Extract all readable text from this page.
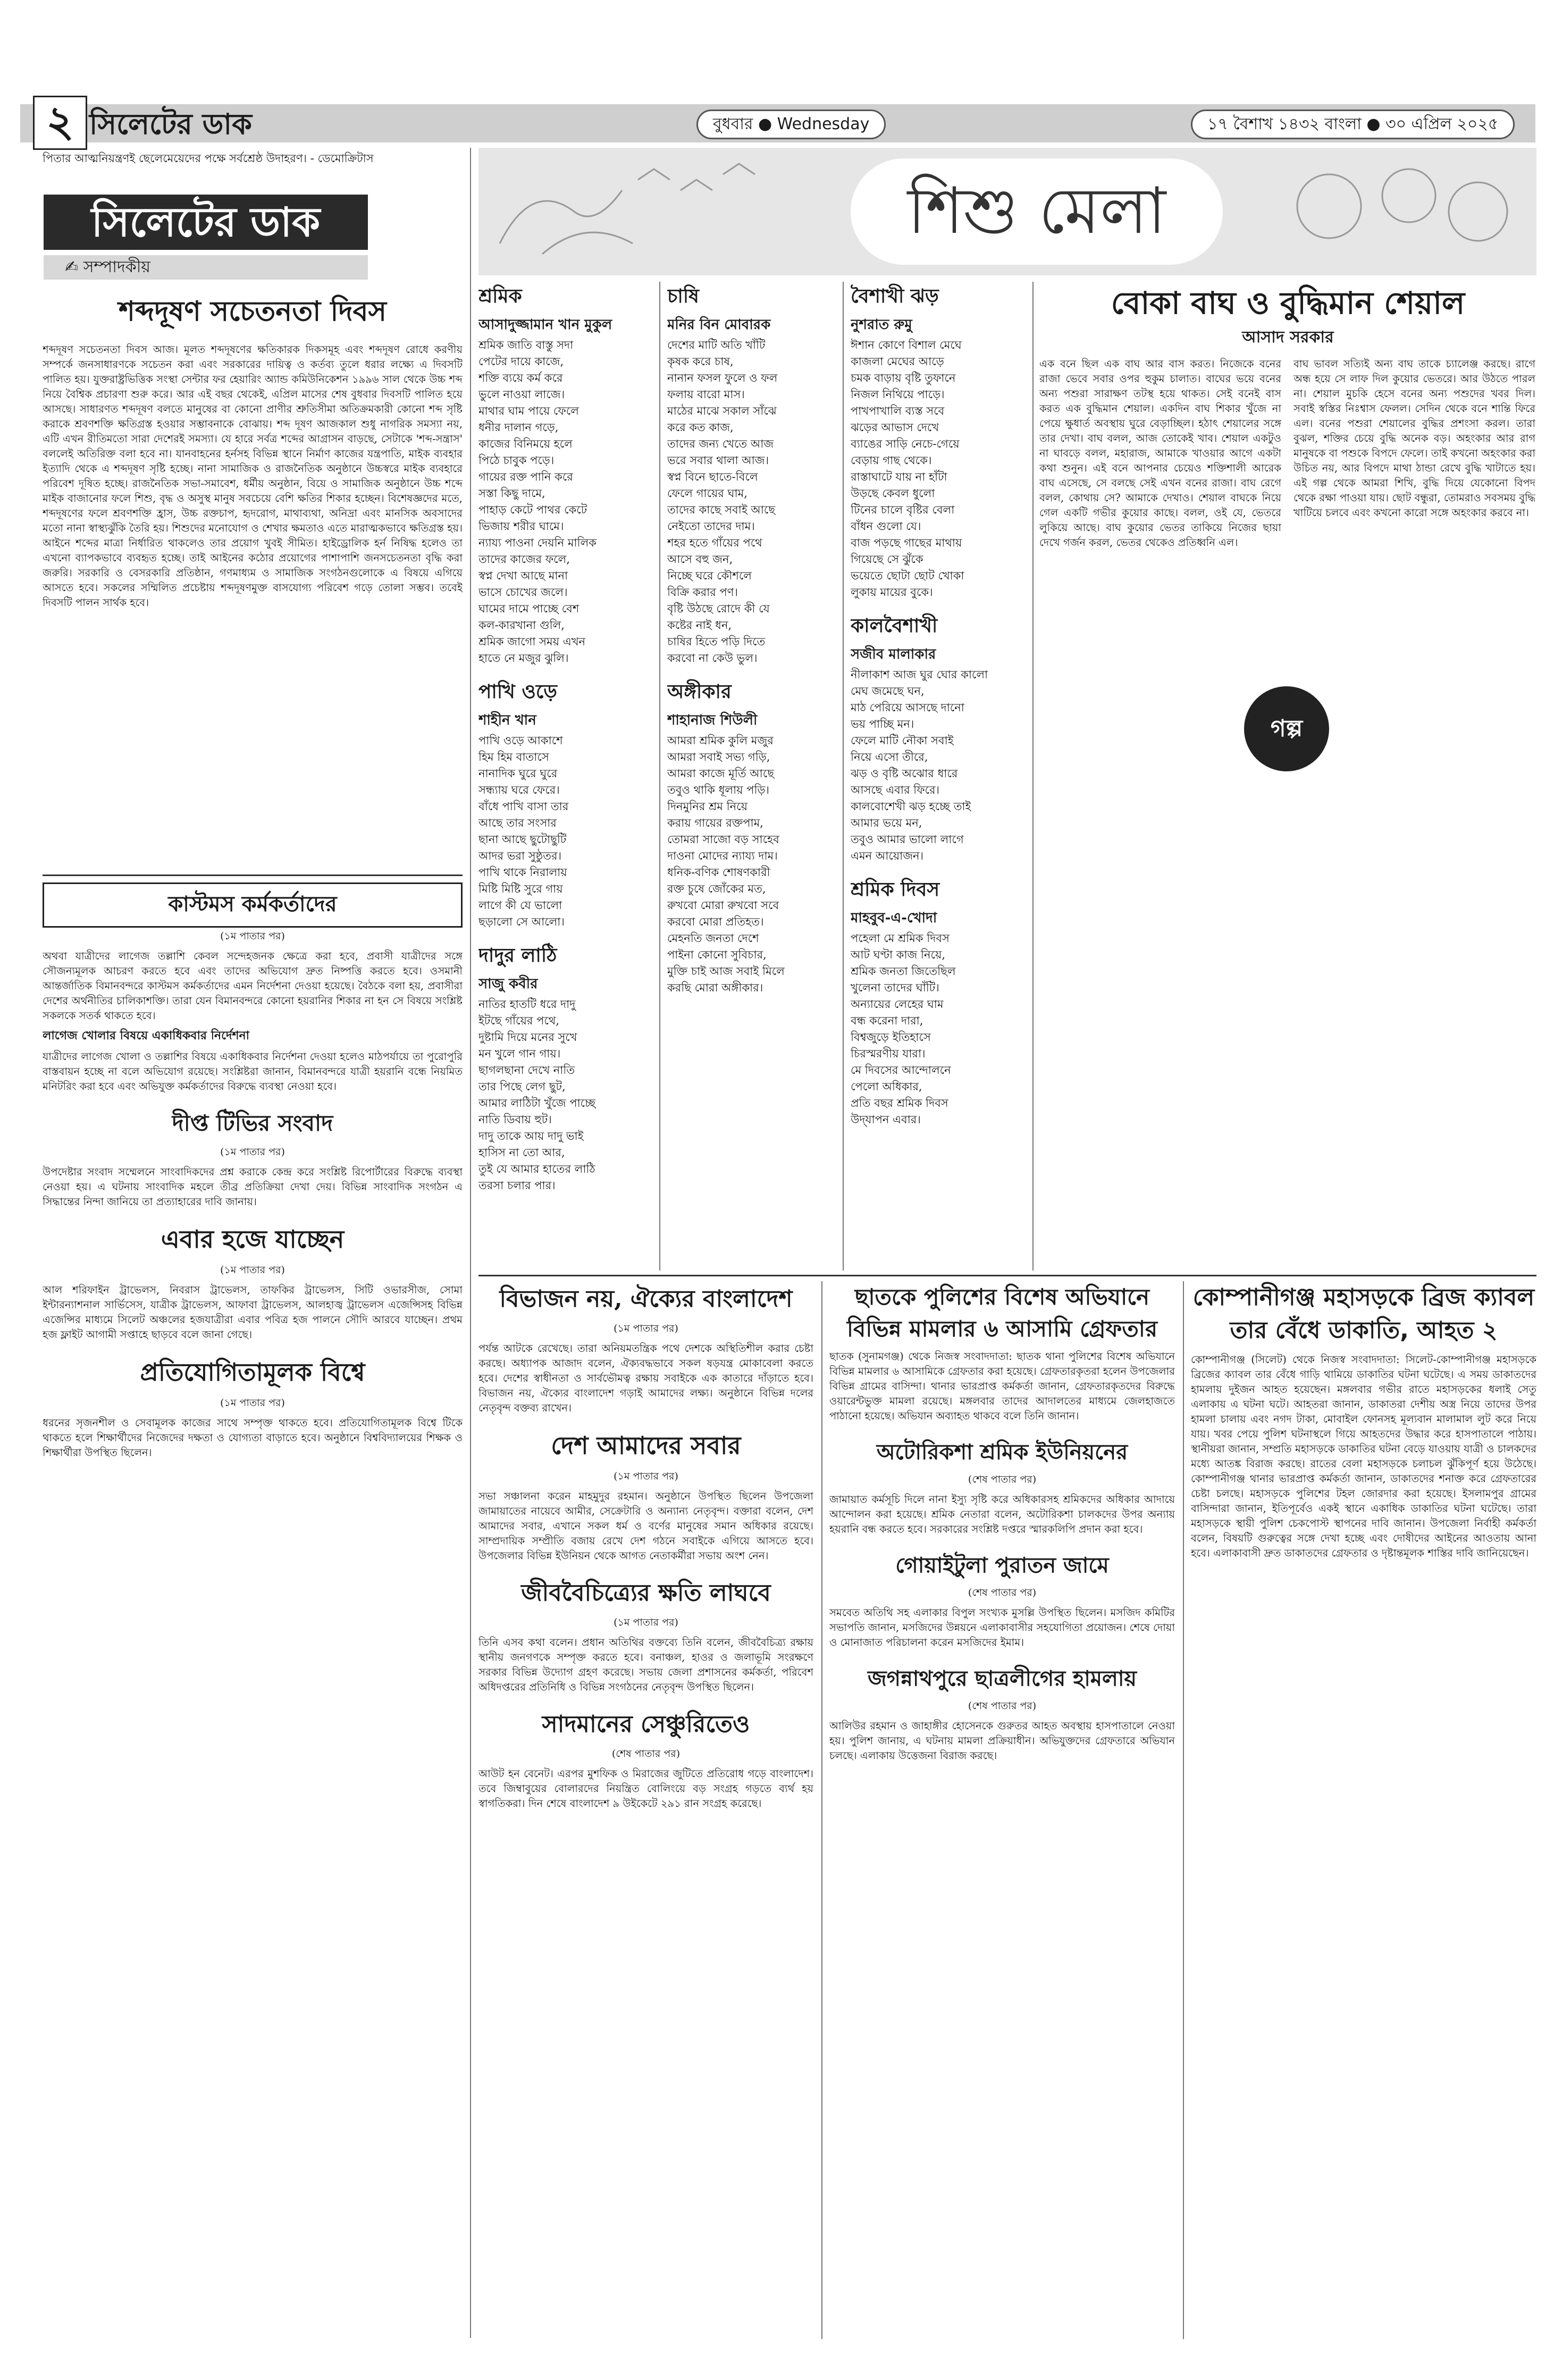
২ সিলেটের ডাক	বুধবার ● Wednesday	১৭ বৈশাখ ১৪৩২ বাংলা ● ৩০ এপ্রিল ২০২৫
পিতার আত্মনিয়ন্ত্রণই ছেলেমেয়েদের পক্ষে সর্বশ্রেষ্ঠ উদাহরণ। - ডেমোক্রিটাস
সিলেটের ডাক
✍ সম্পাদকীয়
শব্দদূষণ সচেতনতা দিবস
শব্দদূষণ সচেতনতা দিবস আজ। মূলত শব্দদূষণের ক্ষতিকারক দিকসমূহ এবং শব্দদূষণ রোধে করণীয় সম্পর্কে জনসাধারণকে সচেতন করা এবং সরকারের দায়িত্ব ও কর্তব্য তুলে ধরার লক্ষ্যে এ দিবসটি পালিত হয়। যুক্তরাষ্ট্রভিত্তিক সংস্থা সেন্টার ফর হেয়ারিং অ্যান্ড কমিউনিকেশন ১৯৯৬ সাল থেকে উচ্চ শব্দ নিয়ে বৈশ্বিক প্রচারণা শুরু করে। আর এই বছর থেকেই, এপ্রিল মাসের শেষ বুধবার দিবসটি পালিত হয়ে আসছে। সাধারণত শব্দদূষণ বলতে মানুষের বা কোনো প্রাণীর শ্রুতিসীমা অতিক্রমকারী কোনো শব্দ সৃষ্টি করাকে শ্রবণশক্তি ক্ষতিগ্রস্ত হওয়ার সম্ভাবনাকে বোঝায়। শব্দ দূষণ আজকাল শুধু নাগরিক সমস্যা নয়, এটি এখন রীতিমতো সারা দেশেরই সমস্যা। যে হারে সর্বত্র শব্দের আগ্রাসন বাড়ছে, সেটাকে 'শব্দ-সন্ত্রাস' বললেই অতিরিক্ত বলা হবে না। যানবাহনের হর্নসহ বিভিন্ন স্থানে নির্মাণ কাজের যন্ত্রপাতি, মাইক ব্যবহার ইত্যাদি থেকে এ শব্দদূষণ সৃষ্টি হচ্ছে। নানা সামাজিক ও রাজনৈতিক অনুষ্ঠানে উচ্চস্বরে মাইক ব্যবহারে পরিবেশ দূষিত হচ্ছে। রাজনৈতিক সভা-সমাবেশ, ধর্মীয় অনুষ্ঠান, বিয়ে ও সামাজিক অনুষ্ঠানে উচ্চ শব্দে মাইক বাজানোর ফলে শিশু, বৃদ্ধ ও অসুস্থ মানুষ সবচেয়ে বেশি ক্ষতির শিকার হচ্ছেন। বিশেষজ্ঞদের মতে, শব্দদূষণের ফলে শ্রবণশক্তি হ্রাস, উচ্চ রক্তচাপ, হৃদরোগ, মাথাব্যথা, অনিদ্রা এবং মানসিক অবসাদের মতো নানা স্বাস্থ্যঝুঁকি তৈরি হয়। শিশুদের মনোযোগ ও শেখার ক্ষমতাও এতে মারাত্মকভাবে ক্ষতিগ্রস্ত হয়। আইনে শব্দের মাত্রা নির্ধারিত থাকলেও তার প্রয়োগ খুবই সীমিত। হাইড্রোলিক হর্ন নিষিদ্ধ হলেও তা এখনো ব্যাপকভাবে ব্যবহৃত হচ্ছে। তাই আইনের কঠোর প্রয়োগের পাশাপাশি জনসচেতনতা বৃদ্ধি করা জরুরি। সরকারি ও বেসরকারি প্রতিষ্ঠান, গণমাধ্যম ও সামাজিক সংগঠনগুলোকে এ বিষয়ে এগিয়ে আসতে হবে। সকলের সম্মিলিত প্রচেষ্টায় শব্দদূষণমুক্ত বাসযোগ্য পরিবেশ গড়ে তোলা সম্ভব। তবেই দিবসটি পালন সার্থক হবে।
কাস্টমস কর্মকর্তাদের
(১ম পাতার পর)
অথবা যাত্রীদের লাগেজ তল্লাশি কেবল সন্দেহজনক ক্ষেত্রে করা হবে, প্রবাসী যাত্রীদের সঙ্গে সৌজন্যমূলক আচরণ করতে হবে এবং তাদের অভিযোগ দ্রুত নিষ্পত্তি করতে হবে। ওসমানী আন্তর্জাতিক বিমানবন্দরে কাস্টমস কর্মকর্তাদের এমন নির্দেশনা দেওয়া হয়েছে। বৈঠকে বলা হয়, প্রবাসীরা দেশের অর্থনীতির চালিকাশক্তি। তারা যেন বিমানবন্দরে কোনো হয়রানির শিকার না হন সে বিষয়ে সংশ্লিষ্ট সকলকে সতর্ক থাকতে হবে।
লাগেজ খোলার বিষয়ে একাধিকবার নির্দেশনা
যাত্রীদের লাগেজ খোলা ও তল্লাশির বিষয়ে একাধিকবার নির্দেশনা দেওয়া হলেও মাঠপর্যায়ে তা পুরোপুরি বাস্তবায়ন হচ্ছে না বলে অভিযোগ রয়েছে। সংশ্লিষ্টরা জানান, বিমানবন্দরে যাত্রী হয়রানি বন্ধে নিয়মিত মনিটরিং করা হবে এবং অভিযুক্ত কর্মকর্তাদের বিরুদ্ধে ব্যবস্থা নেওয়া হবে।
দীপ্ত টিভির সংবাদ
(১ম পাতার পর)
উপদেষ্টার সংবাদ সম্মেলনে সাংবাদিকদের প্রশ্ন করাকে কেন্দ্র করে সংশ্লিষ্ট রিপোর্টারের বিরুদ্ধে ব্যবস্থা নেওয়া হয়। এ ঘটনায় সাংবাদিক মহলে তীব্র প্রতিক্রিয়া দেখা দেয়। বিভিন্ন সাংবাদিক সংগঠন এ সিদ্ধান্তের নিন্দা জানিয়ে তা প্রত্যাহারের দাবি জানায়।
এবার হজে যাচ্ছেন
(১ম পাতার পর)
আল শরিফাইন ট্রাভেলস, নিবরাস ট্রাভেলস, তাফকির ট্রাভেলস, সিটি ওভারসীজ, সোমা ইন্টারন্যাশনাল সার্ভিসেস, যাত্রীক ট্রাভেলস, আফাবা ট্রাভেলস, আলহাজ্ব ট্রাভেলস এজেন্সিসহ বিভিন্ন এজেন্সির মাধ্যমে সিলেট অঞ্চলের হজযাত্রীরা এবার পবিত্র হজ পালনে সৌদি আরবে যাচ্ছেন। প্রথম হজ ফ্লাইট আগামী সপ্তাহে ছাড়বে বলে জানা গেছে।
প্রতিযোগিতামূলক বিশ্বে
(১ম পাতার পর)
ধরনের সৃজনশীল ও সেবামূলক কাজের সাথে সম্পৃক্ত থাকতে হবে। প্রতিযোগিতামূলক বিশ্বে টিকে থাকতে হলে শিক্ষার্থীদের নিজেদের দক্ষতা ও যোগ্যতা বাড়াতে হবে। অনুষ্ঠানে বিশ্ববিদ্যালয়ের শিক্ষক ও শিক্ষার্থীরা উপস্থিত ছিলেন।
শিশু মেলা
শ্রমিক
আসাদুজ্জামান খান মুকুল
শ্রমিক জাতি বাস্তু সদা
পেটের দায়ে কাজে,
শক্তি ব্যয়ে কর্ম করে
ভুলে নাওয়া লাজে।
মাথার ঘাম পায়ে ফেলে
ধনীর দালান গড়ে,
কাজের বিনিময়ে হলে
পিঠে চাবুক পড়ে।
গায়ের রক্ত পানি করে
সস্তা কিছু দামে,
পাহাড় কেটে পাথর কেটে
ভিজায় শরীর ঘামে।
ন্যায্য পাওনা দেয়নি মালিক
তাদের কাজের ফলে,
স্বপ্ন দেখা আছে মানা
ভাসে চোখের জলে।
ঘামের দামে পাচ্ছে বেশ
কল-কারখানা গুলি,
শ্রমিক জাগো সময় এখন
হাতে নে মজুর ঝুলি।
পাখি ওড়ে
শাহীন খান
পাখি ওড়ে আকাশে
হিম হিম বাতাসে
নানাদিক ঘুরে ঘুরে
সন্ধ্যায় ঘরে ফেরে।
বাঁধে পাখি বাসা তার
আছে তার সংসার
ছানা আছে ছুটোছুটি
আদর ভরা সুষ্ঠুতর।
পাখি থাকে নিরালায়
মিষ্টি মিষ্টি সুরে গায়
লাগে কী যে ভালো
ছড়ালো সে আলো।
দাদুর লাঠি
সাজু কবীর
নাতির হাতটি ধরে দাদু
ইটছে গাঁয়ের পথে,
দুষ্টামি দিয়ে মনের সুখে
মন খুলে গান গায়।
ছাগলছানা দেখে নাতি
তার পিছে লেগ ছুট,
আমার লাঠিটা খুঁজে পাচ্ছে
নাতি ডিবায় হুট।
দাদু তাকে আয় দাদু ভাই
হাসিস না তো আর,
তুই যে আমার হাতের লাঠি
তরসা চলার পার।
চাষি
মনির বিন মোবারক
দেশের মাটি অতি খাঁটি
কৃষক করে চাষ,
নানান ফসল ফুলে ও ফল
ফলায় বারো মাস।
মাঠের মাঝে সকাল সাঁঝে
করে কত কাজ,
তাদের জন্য খেতে আজ
ভরে সবার থালা আজ।
স্বপ্ন বিনে ছাতে-বিলে
ফেলে গায়ের ঘাম,
তাদের কাছে সবাই আছে
নেইতো তাদের দাম।
শহর হতে গাঁয়ের পথে
আসে বহু জন,
নিচ্ছে ঘরে কৌশলে
বিক্রি করার পণ।
বৃষ্টি উঠছে রোদে কী যে
কষ্টের নাই ধন,
চাষির হিতে পড়ি দিতে
করবো না কেউ ভুল।
অঙ্গীকার
শাহানাজ শিউলী
আমরা শ্রমিক কুলি মজুর
আমরা সবাই সভ্য গড়ি,
আমরা কাজে মূর্তি আছে
তবুও থাকি ধূলায় পড়ি।
দিনমুনির শ্রম নিয়ে
করায় গায়ের রক্তপাম,
তোমরা সাজো বড় সাহেব
দাওনা মোদের ন্যায্য দাম।
ধনিক-বণিক শোষণকারী
রক্ত চুষে জোঁকের মত,
রুখবো মোরা রুখবো সবে
করবো মোরা প্রতিহত।
মেহনতি জনতা দেশে
পাইনা কোনো সুবিচার,
মুক্তি চাই আজ সবাই মিলে
করছি মোরা অঙ্গীকার।
বৈশাখী ঝড়
নুশরাত রুমু
ঈশান কোণে বিশাল মেঘে
কাজলা মেঘের আড়ে
চমক বাড়ায় বৃষ্টি তুফানে
নিজল নিথিয়ে পাড়ে।
পাখপাখালি ব্যস্ত সবে
ঝড়ের আভাস দেখে
ব্যাঙের সাড়ি নেচে-গেয়ে
বেড়ায় গাছ থেকে।
রাস্তাঘাটে যায় না হাঁটা
উড়ছে কেবল ধুলো
টিনের চালে বৃষ্টির বেলা
বাঁধন গুলো যে।
বাজ পড়ছে গাছের মাথায়
গিয়েছে সে ঝুঁকে
ভয়েতে ছোটা ছোট খোকা
লুকায় মায়ের বুকে।
কালবৈশাখী
সজীব মালাকার
নীলাকাশ আজ ঘুর ঘোর কালো
মেঘ জমেছে ঘন,
মাঠ পেরিয়ে আসছে দানো
ভয় পাচ্ছি মন।
ফেলে মাটি নৌকা সবাই
নিয়ে এসো তীরে,
ঝড় ও বৃষ্টি অঝোর ধারে
আসছে এবার ফিরে।
কালবোশেখী ঝড় হচ্ছে তাই
আমার ভয়ে মন,
তবুও আমার ভালো লাগে
এমন আয়োজন।
শ্রমিক দিবস
মাহবুব-এ-খোদা
পহেলা মে শ্রমিক দিবস
আট ঘণ্টা কাজ নিয়ে,
শ্রমিক জনতা জিতেছিল
খুলেনা তাদের ঘাঁটি।
অন্যায়ের লেহের ঘাম
বন্ধ করেনা দারা,
বিশ্বজুড়ে ইতিহাসে
চিরস্মরণীয় যারা।
মে দিবসের আন্দোলনে
পেলো অধিকার,
প্রতি বছর শ্রমিক দিবস
উদ্‌যাপন এবার।
বোকা বাঘ ও বুদ্ধিমান শেয়াল
আসাদ সরকার
এক বনে ছিল এক বাঘ আর বাস করত। নিজেকে বনের রাজা ভেবে সবার ওপর হুকুম চালাত। বাঘের ভয়ে বনের অন্য পশুরা সারাক্ষণ তটস্থ হয়ে থাকত। সেই বনেই বাস করত এক বুদ্ধিমান শেয়াল। একদিন বাঘ শিকার খুঁজে না পেয়ে ক্ষুধার্ত অবস্থায় ঘুরে বেড়াচ্ছিল। হঠাৎ শেয়ালের সঙ্গে তার দেখা। বাঘ বলল, আজ তোকেই খাব। শেয়াল একটুও না ঘাবড়ে বলল, মহারাজ, আমাকে খাওয়ার আগে একটা কথা শুনুন। এই বনে আপনার চেয়েও শক্তিশালী আরেক বাঘ এসেছে, সে বলছে সেই এখন বনের রাজা। বাঘ রেগে বলল, কোথায় সে? আমাকে দেখাও। শেয়াল বাঘকে নিয়ে গেল একটি গভীর কুয়োর কাছে। বলল, ওই যে, ভেতরে লুকিয়ে আছে। বাঘ কুয়োর ভেতর তাকিয়ে নিজের ছায়া দেখে গর্জন করল, ভেতর থেকেও প্রতিধ্বনি এল।
বাঘ ভাবল সত্যিই অন্য বাঘ তাকে চ্যালেঞ্জ করছে। রাগে অন্ধ হয়ে সে লাফ দিল কুয়োর ভেতরে। আর উঠতে পারল না। শেয়াল মুচকি হেসে বনের অন্য পশুদের খবর দিল। সবাই স্বস্তির নিঃশ্বাস ফেলল। সেদিন থেকে বনে শান্তি ফিরে এল। বনের পশুরা শেয়ালের বুদ্ধির প্রশংসা করল। তারা বুঝল, শক্তির চেয়ে বুদ্ধি অনেক বড়। অহংকার আর রাগ মানুষকে বা পশুকে বিপদে ফেলে। তাই কখনো অহংকার করা উচিত নয়, আর বিপদে মাথা ঠান্ডা রেখে বুদ্ধি খাটাতে হয়। এই গল্প থেকে আমরা শিখি, বুদ্ধি দিয়ে যেকোনো বিপদ থেকে রক্ষা পাওয়া যায়। ছোট বন্ধুরা, তোমরাও সবসময় বুদ্ধি খাটিয়ে চলবে এবং কখনো কারো সঙ্গে অহংকার করবে না।
গল্প
বিভাজন নয়, ঐক্যের বাংলাদেশ
(১ম পাতার পর)
পর্যন্ত আটকে রেখেছে। তারা অনিয়মতন্ত্রিক পথে দেশকে অস্থিতিশীল করার চেষ্টা করছে। অধ্যাপক আজাদ বলেন, ঐক্যবদ্ধভাবে সকল ষড়যন্ত্র মোকাবেলা করতে হবে। দেশের স্বাধীনতা ও সার্বভৌমত্ব রক্ষায় সবাইকে এক কাতারে দাঁড়াতে হবে। বিভাজন নয়, ঐক্যের বাংলাদেশ গড়াই আমাদের লক্ষ্য। অনুষ্ঠানে বিভিন্ন দলের নেতৃবৃন্দ বক্তব্য রাখেন।
দেশ আমাদের সবার
(১ম পাতার পর)
সভা সঞ্চালনা করেন মাহমুদুর রহমান। অনুষ্ঠানে উপস্থিত ছিলেন উপজেলা জামায়াতের নায়েবে আমীর, সেক্রেটারি ও অন্যান্য নেতৃবৃন্দ। বক্তারা বলেন, দেশ আমাদের সবার, এখানে সকল ধর্ম ও বর্ণের মানুষের সমান অধিকার রয়েছে। সাম্প্রদায়িক সম্প্রীতি বজায় রেখে দেশ গঠনে সবাইকে এগিয়ে আসতে হবে। উপজেলার বিভিন্ন ইউনিয়ন থেকে আগত নেতাকর্মীরা সভায় অংশ নেন।
জীববৈচিত্র্যের ক্ষতি লাঘবে
(১ম পাতার পর)
তিনি এসব কথা বলেন। প্রধান অতিথির বক্তব্যে তিনি বলেন, জীববৈচিত্র্য রক্ষায় স্থানীয় জনগণকে সম্পৃক্ত করতে হবে। বনাঞ্চল, হাওর ও জলাভূমি সংরক্ষণে সরকার বিভিন্ন উদ্যোগ গ্রহণ করেছে। সভায় জেলা প্রশাসনের কর্মকর্তা, পরিবেশ অধিদপ্তরের প্রতিনিধি ও বিভিন্ন সংগঠনের নেতৃবৃন্দ উপস্থিত ছিলেন।
সাদমানের সেঞ্চুরিতেও
(শেষ পাতার পর)
আউট হন বেনেট। এরপর মুশফিক ও মিরাজের জুটিতে প্রতিরোধ গড়ে বাংলাদেশ। তবে জিম্বাবুয়ের বোলারদের নিয়ন্ত্রিত বোলিংয়ে বড় সংগ্রহ গড়তে ব্যর্থ হয় স্বাগতিকরা। দিন শেষে বাংলাদেশ ৯ উইকেটে ২৯১ রান সংগ্রহ করেছে।
ছাতকে পুলিশের বিশেষ অভিযানে বিভিন্ন মামলার ৬ আসামি গ্রেফতার
ছাতক (সুনামগঞ্জ) থেকে নিজস্ব সংবাদদাতা: ছাতক থানা পুলিশের বিশেষ অভিযানে বিভিন্ন মামলার ৬ আসামিকে গ্রেফতার করা হয়েছে। গ্রেফতারকৃতরা হলেন উপজেলার বিভিন্ন গ্রামের বাসিন্দা। থানার ভারপ্রাপ্ত কর্মকর্তা জানান, গ্রেফতারকৃতদের বিরুদ্ধে ওয়ারেন্টভুক্ত মামলা রয়েছে। মঙ্গলবার তাদের আদালতের মাধ্যমে জেলহাজতে পাঠানো হয়েছে। অভিযান অব্যাহত থাকবে বলে তিনি জানান।
অটোরিকশা শ্রমিক ইউনিয়নের
(শেষ পাতার পর)
জামায়াত কর্মসূচি দিলে নানা ইস্যু সৃষ্টি করে অধিকারসহ শ্রমিকদের অধিকার আদায়ে আন্দোলন করা হয়েছে। শ্রমিক নেতারা বলেন, অটোরিকশা চালকদের উপর অন্যায় হয়রানি বন্ধ করতে হবে। সরকারের সংশ্লিষ্ট দপ্তরে স্মারকলিপি প্রদান করা হবে।
গোয়াইটুলা পুরাতন জামে
(শেষ পাতার পর)
সমবেত অতিথি সহ এলাকার বিপুল সংখ্যক মুসল্লি উপস্থিত ছিলেন। মসজিদ কমিটির সভাপতি জানান, মসজিদের উন্নয়নে এলাকাবাসীর সহযোগিতা প্রয়োজন। শেষে দোয়া ও মোনাজাত পরিচালনা করেন মসজিদের ইমাম।
জগন্নাথপুরে ছাত্রলীগের হামলায়
(শেষ পাতার পর)
আলিউর রহমান ও জাহাঙ্গীর হোসেনকে গুরুতর আহত অবস্থায় হাসপাতালে নেওয়া হয়। পুলিশ জানায়, এ ঘটনায় মামলা প্রক্রিয়াধীন। অভিযুক্তদের গ্রেফতারে অভিযান চলছে। এলাকায় উত্তেজনা বিরাজ করছে।
কোম্পানীগঞ্জ মহাসড়কে ব্রিজ ক্যাবল তার বেঁধে ডাকাতি, আহত ২
কোম্পানীগঞ্জ (সিলেট) থেকে নিজস্ব সংবাদদাতা: সিলেট-কোম্পানীগঞ্জ মহাসড়কে ব্রিজের ক্যাবল তার বেঁধে গাড়ি থামিয়ে ডাকাতির ঘটনা ঘটেছে। এ সময় ডাকাতদের হামলায় দুইজন আহত হয়েছেন। মঙ্গলবার গভীর রাতে মহাসড়কের ধলাই সেতু এলাকায় এ ঘটনা ঘটে। আহতরা জানান, ডাকাতরা দেশীয় অস্ত্র নিয়ে তাদের উপর হামলা চালায় এবং নগদ টাকা, মোবাইল ফোনসহ মূল্যবান মালামাল লুট করে নিয়ে যায়। খবর পেয়ে পুলিশ ঘটনাস্থলে গিয়ে আহতদের উদ্ধার করে হাসপাতালে পাঠায়। স্থানীয়রা জানান, সম্প্রতি মহাসড়কে ডাকাতির ঘটনা বেড়ে যাওয়ায় যাত্রী ও চালকদের মধ্যে আতঙ্ক বিরাজ করছে। রাতের বেলা মহাসড়কে চলাচল ঝুঁকিপূর্ণ হয়ে উঠেছে। কোম্পানীগঞ্জ থানার ভারপ্রাপ্ত কর্মকর্তা জানান, ডাকাতদের শনাক্ত করে গ্রেফতারের চেষ্টা চলছে। মহাসড়কে পুলিশের টহল জোরদার করা হয়েছে। ইসলামপুর গ্রামের বাসিন্দারা জানান, ইতিপূর্বেও একই স্থানে একাধিক ডাকাতির ঘটনা ঘটেছে। তারা মহাসড়কে স্থায়ী পুলিশ চেকপোস্ট স্থাপনের দাবি জানান। উপজেলা নির্বাহী কর্মকর্তা বলেন, বিষয়টি গুরুত্বের সঙ্গে দেখা হচ্ছে এবং দোষীদের আইনের আওতায় আনা হবে। এলাকাবাসী দ্রুত ডাকাতদের গ্রেফতার ও দৃষ্টান্তমূলক শাস্তির দাবি জানিয়েছেন।
